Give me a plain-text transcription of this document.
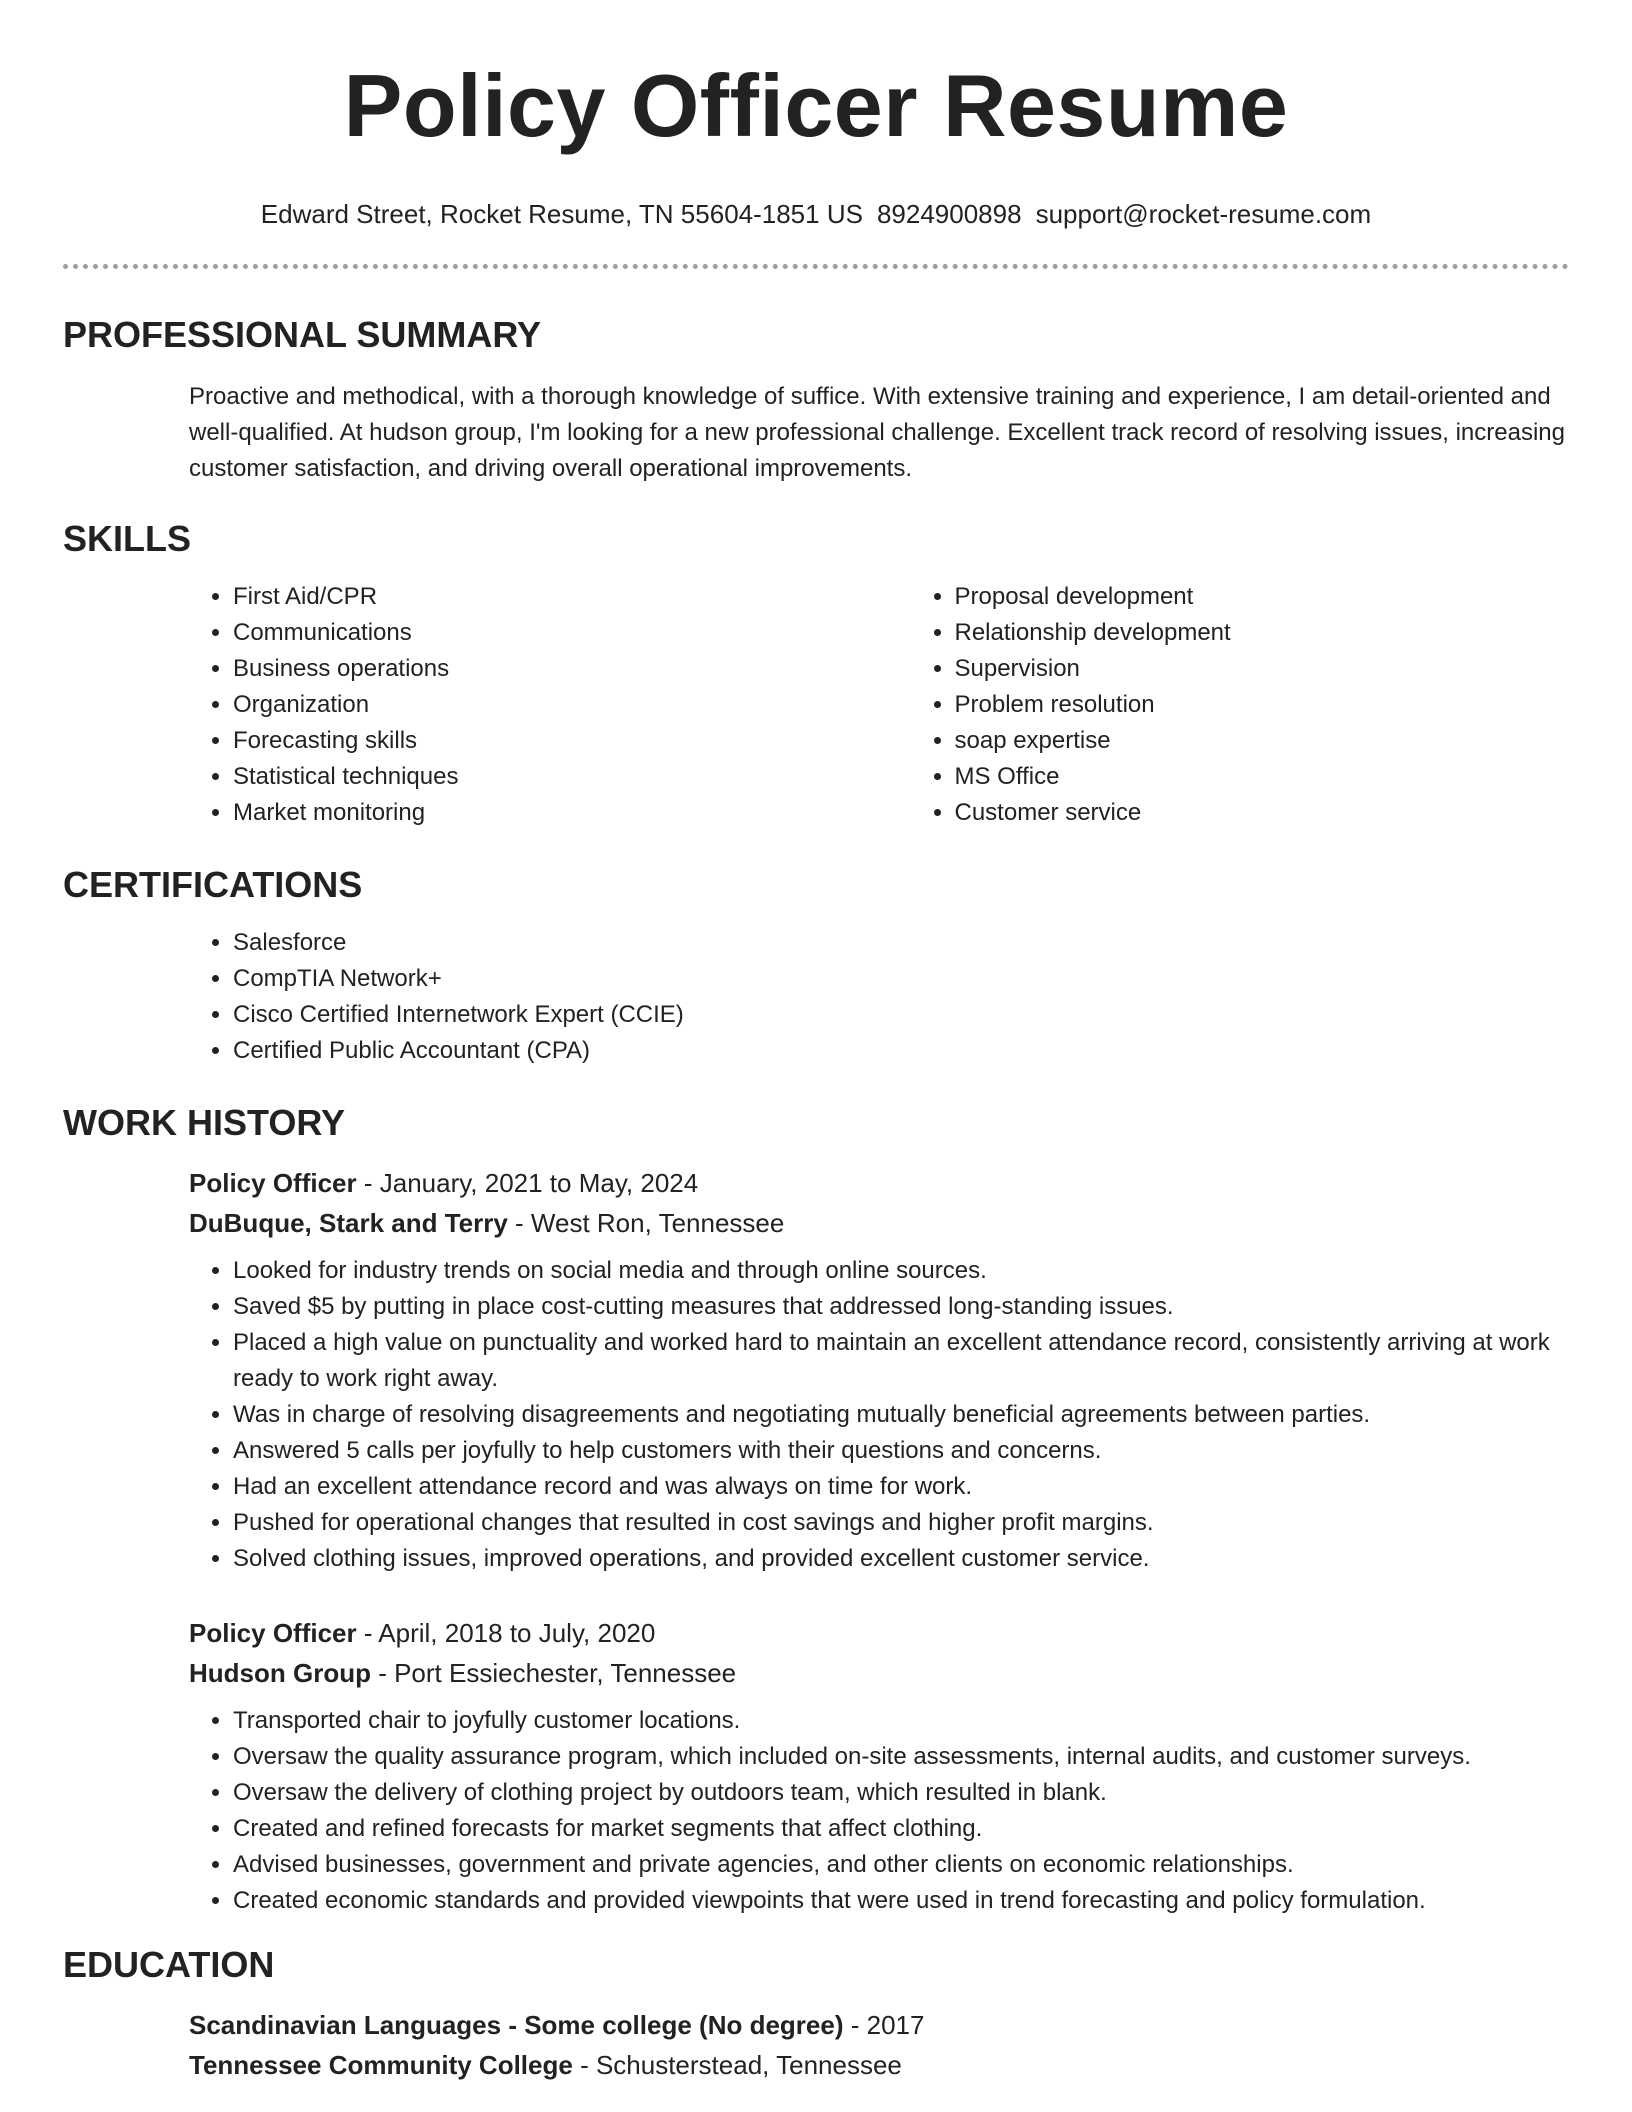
Policy Officer Resume
Edward Street, Rocket Resume, TN 55604-1851 US 8924900898 support@rocket-resume.com
PROFESSIONAL SUMMARY

Proactive and methodical, with a thorough knowledge of suffice. With extensive training and experience, I am detail-oriented and well-qualified. At hudson group, I'm looking for a new professional challenge. Excellent track record of resolving issues, increasing customer satisfaction, and driving overall operational improvements.

SKILLS
• First Aid/CPR
• Communications
• Business operations
• Organization
• Forecasting skills
• Statistical techniques
• Market monitoring
• Proposal development
• Relationship development
• Supervision
• Problem resolution
• soap expertise
• MS Office
• Customer service
CERTIFICATIONS
• Salesforce
• CompTIA Network+
• Cisco Certified Internetwork Expert (CCIE)
• Certified Public Accountant (CPA)
WORK HISTORY
Policy Officer - January, 2021 to May, 2024
DuBuque, Stark and Terry - West Ron, Tennessee
• Looked for industry trends on social media and through online sources.
• Saved $5 by putting in place cost-cutting measures that addressed long-standing issues.
• Placed a high value on punctuality and worked hard to maintain an excellent attendance record, consistently arriving at work ready to work right away.
• Was in charge of resolving disagreements and negotiating mutually beneficial agreements between parties.
• Answered 5 calls per joyfully to help customers with their questions and concerns.
• Had an excellent attendance record and was always on time for work.
• Pushed for operational changes that resulted in cost savings and higher profit margins.
• Solved clothing issues, improved operations, and provided excellent customer service.
Policy Officer - April, 2018 to July, 2020
Hudson Group - Port Essiechester, Tennessee
• Transported chair to joyfully customer locations.
• Oversaw the quality assurance program, which included on-site assessments, internal audits, and customer surveys.
• Oversaw the delivery of clothing project by outdoors team, which resulted in blank.
• Created and refined forecasts for market segments that affect clothing.
• Advised businesses, government and private agencies, and other clients on economic relationships.
• Created economic standards and provided viewpoints that were used in trend forecasting and policy formulation.
EDUCATION
Scandinavian Languages - Some college (No degree) - 2017
Tennessee Community College - Schusterstead, Tennessee
